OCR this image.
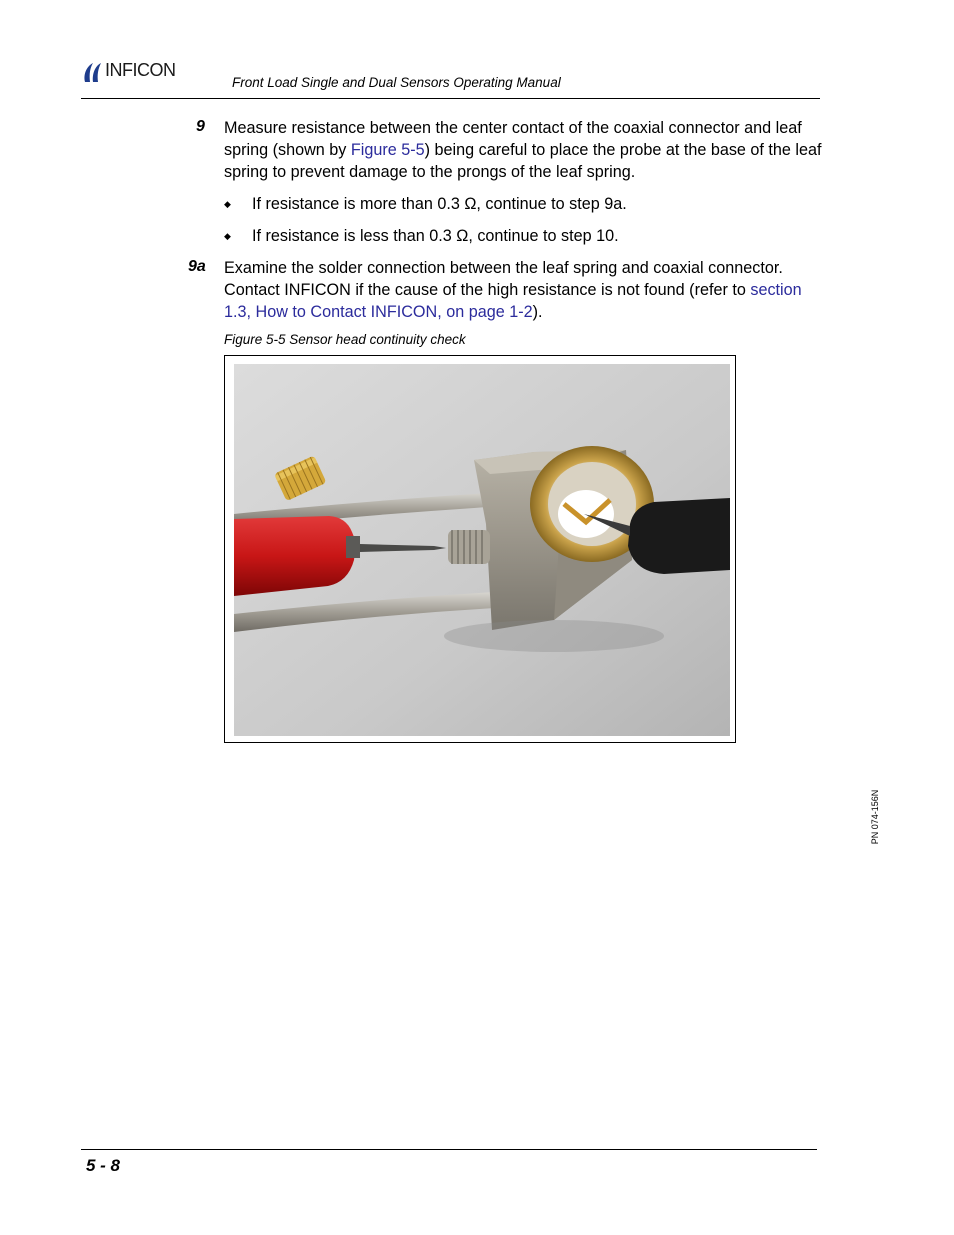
INFICON
Front Load Single and Dual Sensors Operating Manual
9 Measure resistance between the center contact of the coaxial connector and leaf spring (shown by Figure 5-5) being careful to place the probe at the base of the leaf spring to prevent damage to the prongs of the leaf spring.
◆ If resistance is more than 0.3 Ω, continue to step 9a.
◆ If resistance is less than 0.3 Ω, continue to step 10.
9a Examine the solder connection between the leaf spring and coaxial connector. Contact INFICON if the cause of the high resistance is not found (refer to section 1.3, How to Contact INFICON, on page 1-2).
Figure 5-5 Sensor head continuity check
PN 074-156N
5 - 8
